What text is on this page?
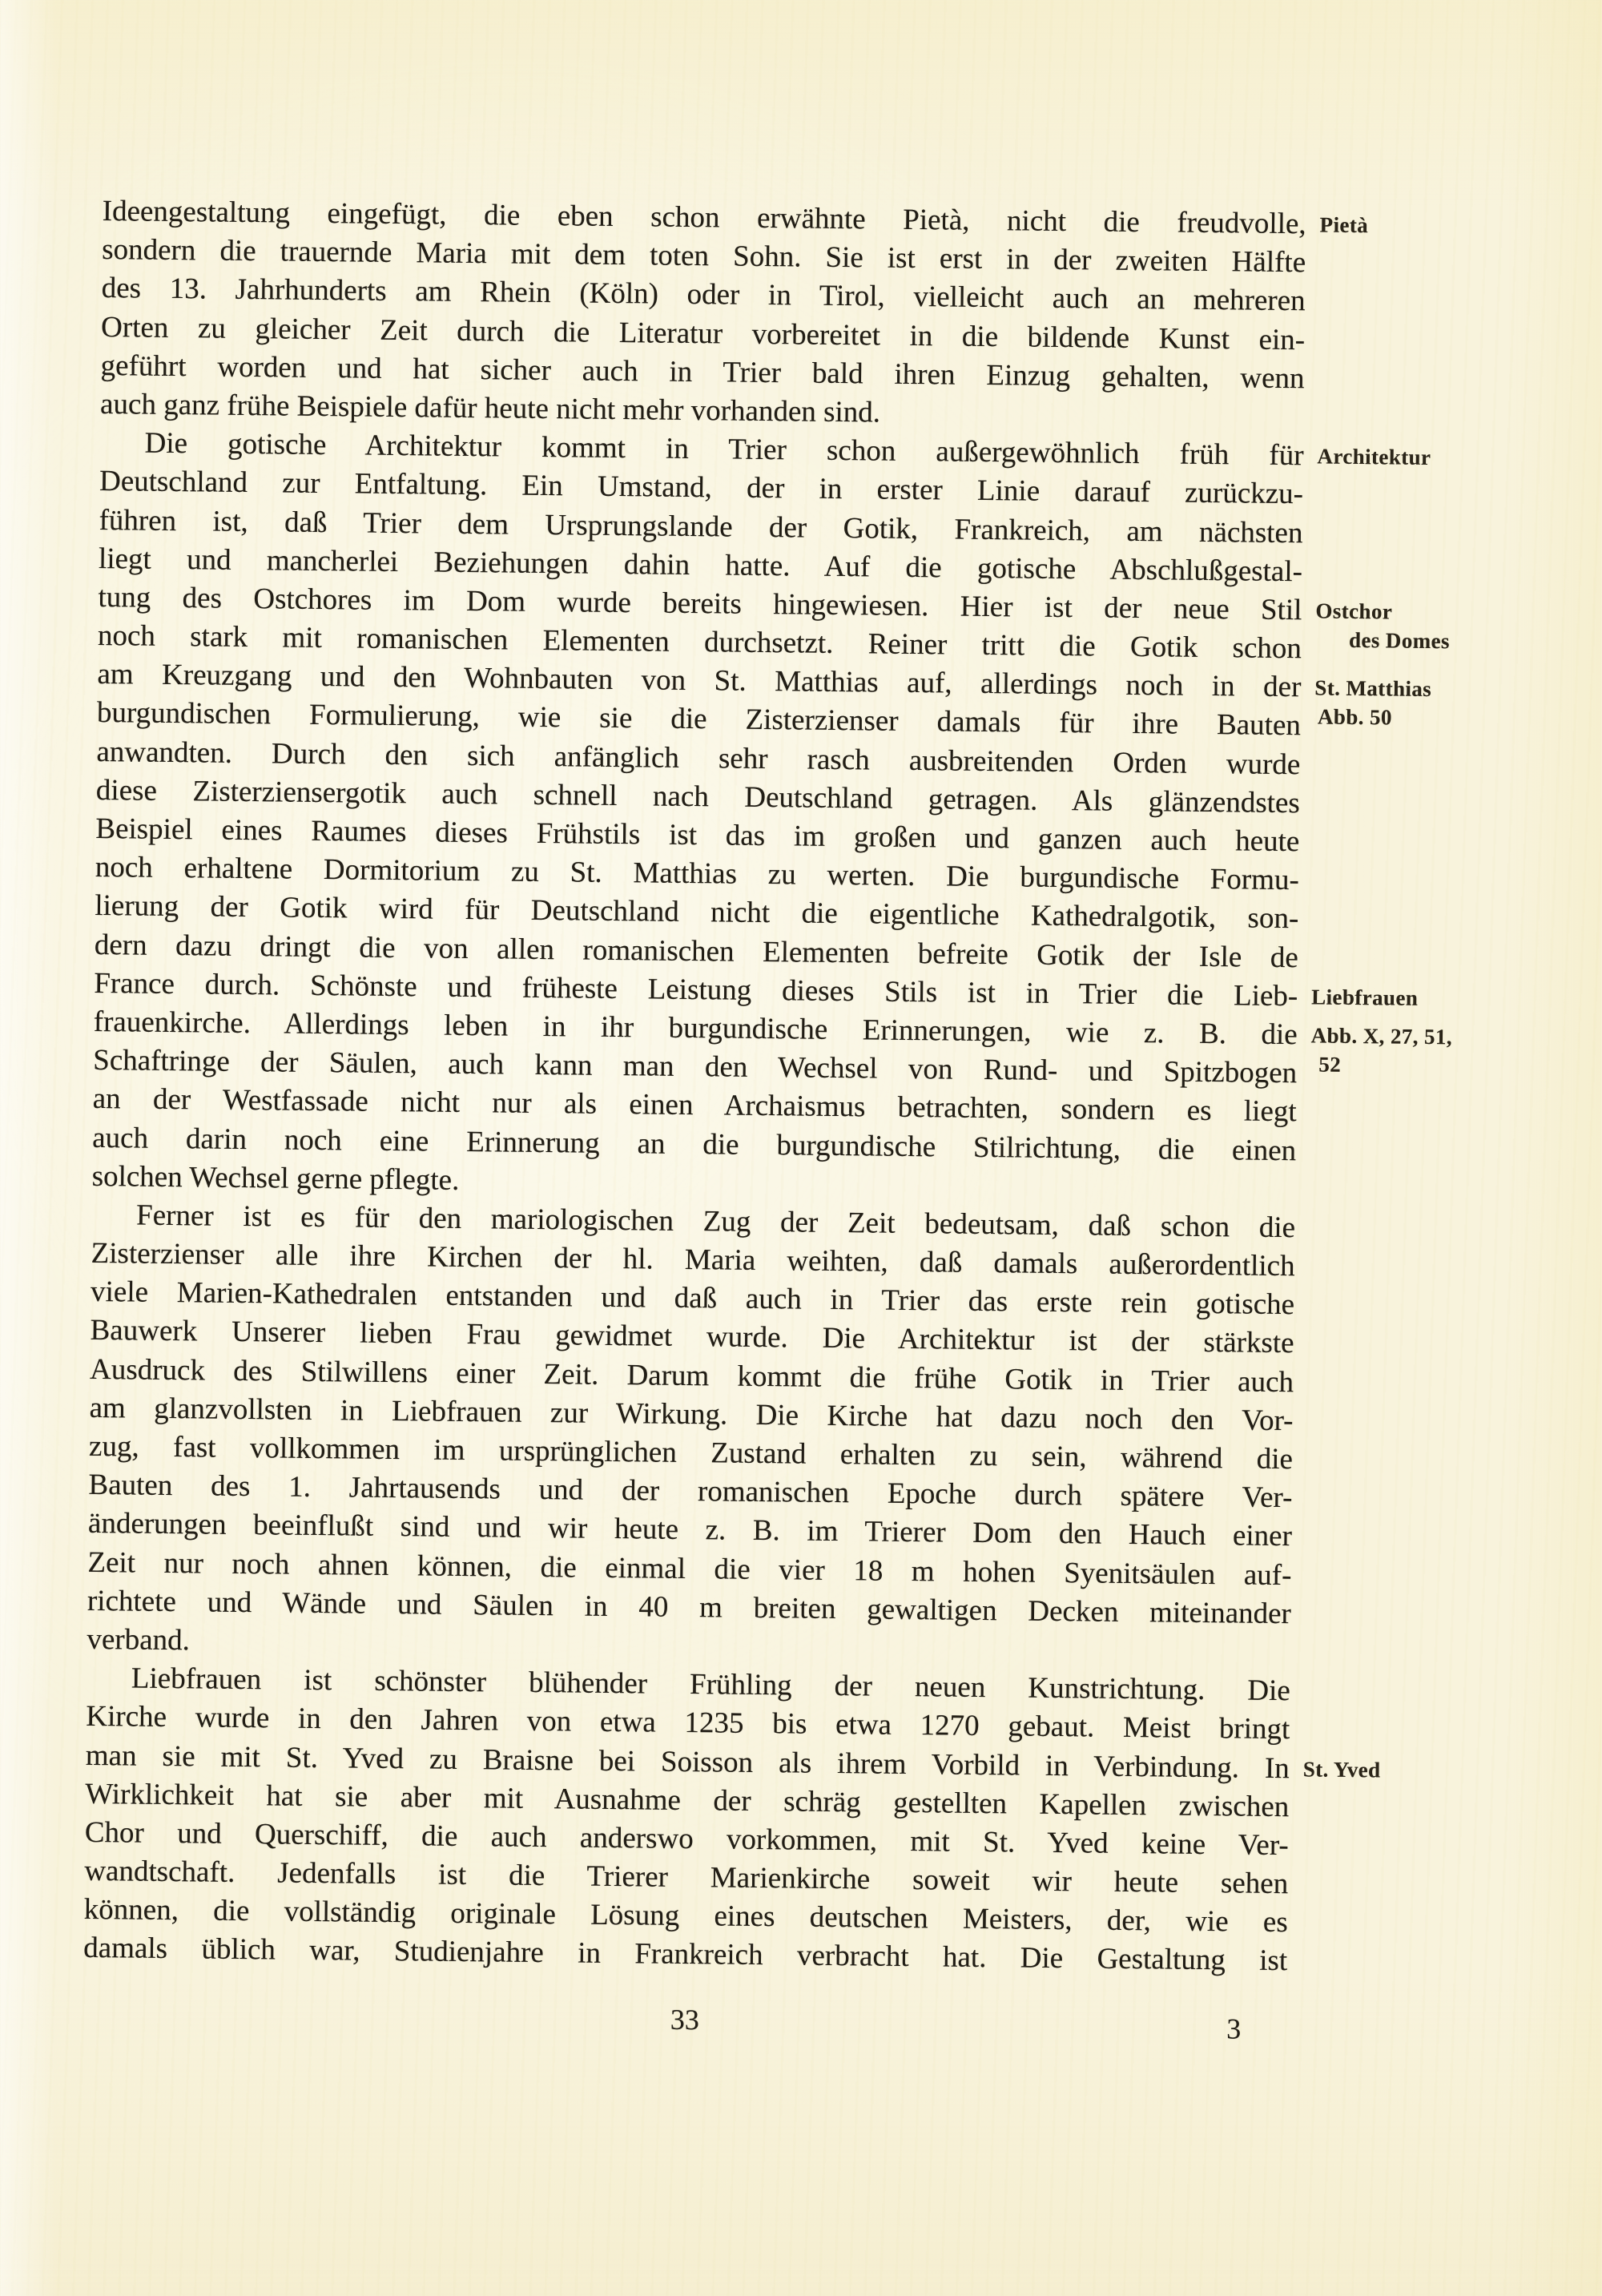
Ideengestaltung eingefügt, die eben schon erwähnte Pietà, nicht die freudvolle,
sondern die trauernde Maria mit dem toten Sohn. Sie ist erst in der zweiten Hälfte
des 13. Jahrhunderts am Rhein (Köln) oder in Tirol, vielleicht auch an mehreren
Orten zu gleicher Zeit durch die Literatur vorbereitet in die bildende Kunst ein-
geführt worden und hat sicher auch in Trier bald ihren Einzug gehalten, wenn
auch ganz frühe Beispiele dafür heute nicht mehr vorhanden sind.
Die gotische Architektur kommt in Trier schon außergewöhnlich früh für
Deutschland zur Entfaltung. Ein Umstand, der in erster Linie darauf zurückzu-
führen ist, daß Trier dem Ursprungslande der Gotik, Frankreich, am nächsten
liegt und mancherlei Beziehungen dahin hatte. Auf die gotische Abschlußgestal-
tung des Ostchores im Dom wurde bereits hingewiesen. Hier ist der neue Stil
noch stark mit romanischen Elementen durchsetzt. Reiner tritt die Gotik schon
am Kreuzgang und den Wohnbauten von St. Matthias auf, allerdings noch in der
burgundischen Formulierung, wie sie die Zisterzienser damals für ihre Bauten
anwandten. Durch den sich anfänglich sehr rasch ausbreitenden Orden wurde
diese Zisterziensergotik auch schnell nach Deutschland getragen. Als glänzendstes
Beispiel eines Raumes dieses Frühstils ist das im großen und ganzen auch heute
noch erhaltene Dormitorium zu St. Matthias zu werten. Die burgundische Formu-
lierung der Gotik wird für Deutschland nicht die eigentliche Kathedralgotik, son-
dern dazu dringt die von allen romanischen Elementen befreite Gotik der Isle de
France durch. Schönste und früheste Leistung dieses Stils ist in Trier die Lieb-
frauenkirche. Allerdings leben in ihr burgundische Erinnerungen, wie z. B. die
Schaftringe der Säulen, auch kann man den Wechsel von Rund- und Spitzbogen
an der Westfassade nicht nur als einen Archaismus betrachten, sondern es liegt
auch darin noch eine Erinnerung an die burgundische Stilrichtung, die einen
solchen Wechsel gerne pflegte.
Ferner ist es für den mariologischen Zug der Zeit bedeutsam, daß schon die
Zisterzienser alle ihre Kirchen der hl. Maria weihten, daß damals außerordentlich
viele Marien-Kathedralen entstanden und daß auch in Trier das erste rein gotische
Bauwerk Unserer lieben Frau gewidmet wurde. Die Architektur ist der stärkste
Ausdruck des Stilwillens einer Zeit. Darum kommt die frühe Gotik in Trier auch
am glanzvollsten in Liebfrauen zur Wirkung. Die Kirche hat dazu noch den Vor-
zug, fast vollkommen im ursprünglichen Zustand erhalten zu sein, während die
Bauten des 1. Jahrtausends und der romanischen Epoche durch spätere Ver-
änderungen beeinflußt sind und wir heute z. B. im Trierer Dom den Hauch einer
Zeit nur noch ahnen können, die einmal die vier 18 m hohen Syenitsäulen auf-
richtete und Wände und Säulen in 40 m breiten gewaltigen Decken miteinander
verband.
Liebfrauen ist schönster blühender Frühling der neuen Kunstrichtung. Die
Kirche wurde in den Jahren von etwa 1235 bis etwa 1270 gebaut. Meist bringt
man sie mit St. Yved zu Braisne bei Soisson als ihrem Vorbild in Verbindung. In
Wirklichkeit hat sie aber mit Ausnahme der schräg gestellten Kapellen zwischen
Chor und Querschiff, die auch anderswo vorkommen, mit St. Yved keine Ver-
wandtschaft. Jedenfalls ist die Trierer Marienkirche soweit wir heute sehen
können, die vollständig originale Lösung eines deutschen Meisters, der, wie es
damals üblich war, Studienjahre in Frankreich verbracht hat. Die Gestaltung ist
Pietà
Architektur
Ostchor
des Domes
St. Matthias
Abb. 50
Liebfrauen
Abb. X, 27, 51,
52
St. Yved
33	3
